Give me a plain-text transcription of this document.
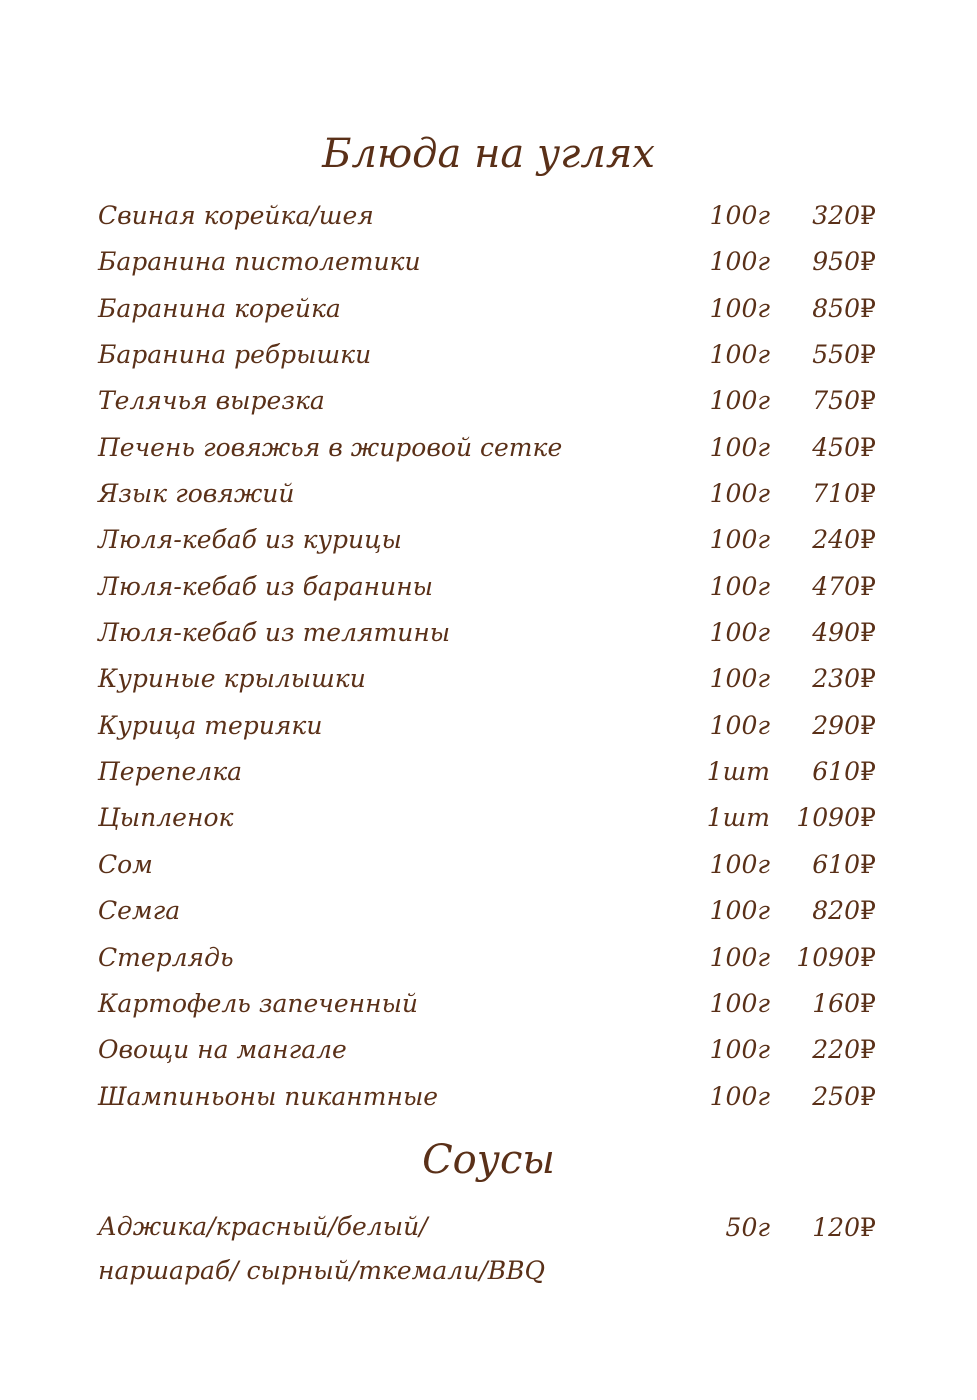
Блюда на углях
Свиная корейка/шея	100г	320 ₽
Баранина пистолетики	100г	950 ₽
Баранина корейка	100г	850 ₽
Баранина ребрышки	100г	550 ₽
Телячья вырезка	100г	750 ₽
Печень говяжья в жировой сетке	100г	450 ₽
Язык говяжий	100г	710 ₽
Люля-кебаб из курицы	100г	240 ₽
Люля-кебаб из баранины	100г	470 ₽
Люля-кебаб из телятины	100г	490 ₽
Куриные крылышки	100г	230 ₽
Курица терияки	100г	290 ₽
Перепелка	1шт	610 ₽
Цыпленок	1шт	1090 ₽
Сом	100г	610 ₽
Семга	100г	820 ₽
Стерлядь	100г	1090 ₽
Картофель запеченный	100г	160 ₽
Овощи на мангале	100г	220 ₽
Шампиньоны пикантные	100г	250 ₽
Соусы
Аджика/красный/белый/наршараб/ сырный/ткемали/BBQ
50г	120 ₽
